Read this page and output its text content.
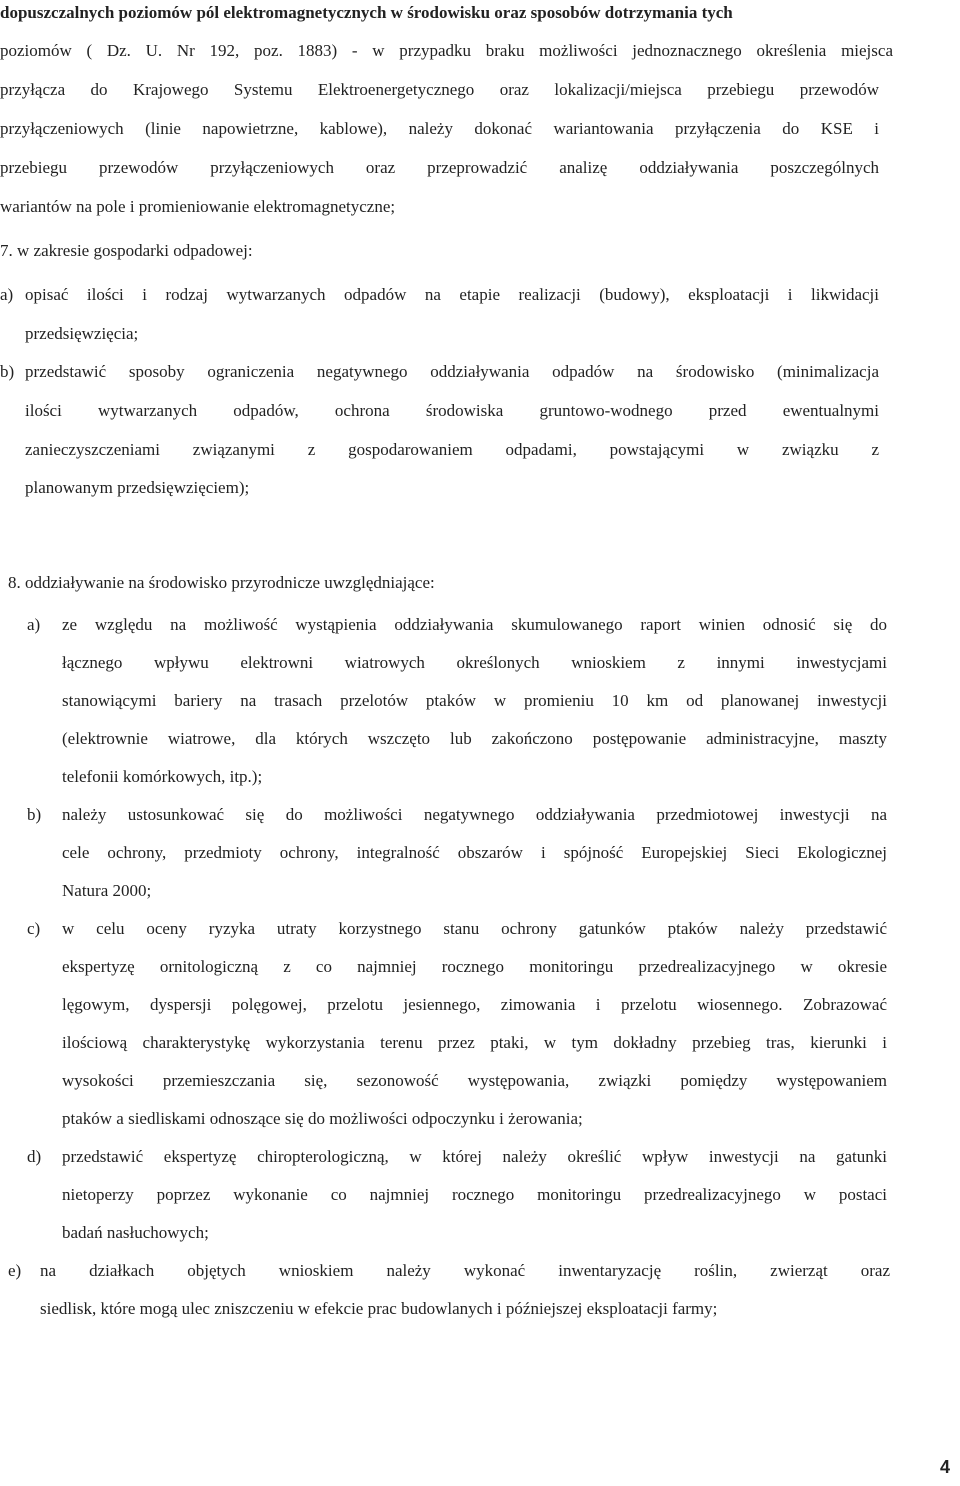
dopuszczalnych poziomów pól elektromagnetycznych w środowisku oraz sposobów dotrzymania tych
poziomów ( Dz. U. Nr 192, poz. 1883) - w przypadku braku możliwości jednoznacznego określenia miejsca
przyłącza do Krajowego Systemu Elektroenergetycznego oraz lokalizacji/miejsca przebiegu przewodów
przyłączeniowych (linie napowietrzne, kablowe), należy dokonać wariantowania przyłączenia do KSE i
przebiegu przewodów przyłączeniowych oraz przeprowadzić analizę oddziaływania poszczególnych
wariantów na pole i promieniowanie elektromagnetyczne;
7. w zakresie gospodarki odpadowej:
a) opisać ilości i rodzaj wytwarzanych odpadów na etapie realizacji (budowy), eksploatacji i likwidacji
przedsięwzięcia;
b) przedstawić sposoby ograniczenia negatywnego oddziaływania odpadów na środowisko (minimalizacja
ilości wytwarzanych odpadów, ochrona środowiska gruntowo-wodnego przed ewentualnymi
zanieczyszczeniami związanymi z gospodarowaniem odpadami, powstającymi w związku z
planowanym przedsięwzięciem);
8. oddziaływanie na środowisko przyrodnicze uwzględniające:
a) ze względu na możliwość wystąpienia oddziaływania skumulowanego raport winien odnosić się do
łącznego wpływu elektrowni wiatrowych określonych wnioskiem z innymi inwestycjami
stanowiącymi bariery na trasach przelotów ptaków w promieniu 10 km od planowanej inwestycji
(elektrownie wiatrowe, dla których wszczęto lub zakończono postępowanie administracyjne, maszty
telefonii komórkowych, itp.);
b) należy ustosunkować się do możliwości negatywnego oddziaływania przedmiotowej inwestycji na
cele ochrony, przedmioty ochrony, integralność obszarów i spójność Europejskiej Sieci Ekologicznej
Natura 2000;
c) w celu oceny ryzyka utraty korzystnego stanu ochrony gatunków ptaków należy przedstawić
ekspertyzę ornitologiczną z co najmniej rocznego monitoringu przedrealizacyjnego w okresie
lęgowym, dyspersji polęgowej, przelotu jesiennego, zimowania i przelotu wiosennego. Zobrazować
ilościową charakterystykę wykorzystania terenu przez ptaki, w tym dokładny przebieg tras, kierunki i
wysokości przemieszczania się, sezonowość występowania, związki pomiędzy występowaniem
ptaków a siedliskami odnoszące się do możliwości odpoczynku i żerowania;
d) przedstawić ekspertyzę chiropterologiczną, w której należy określić wpływ inwestycji na gatunki
nietoperzy poprzez wykonanie co najmniej rocznego monitoringu przedrealizacyjnego w postaci
badań nasłuchowych;
e) na działkach objętych wnioskiem należy wykonać inwentaryzację roślin, zwierząt oraz
siedlisk, które mogą ulec zniszczeniu w efekcie prac budowlanych i późniejszej eksploatacji farmy;
4
